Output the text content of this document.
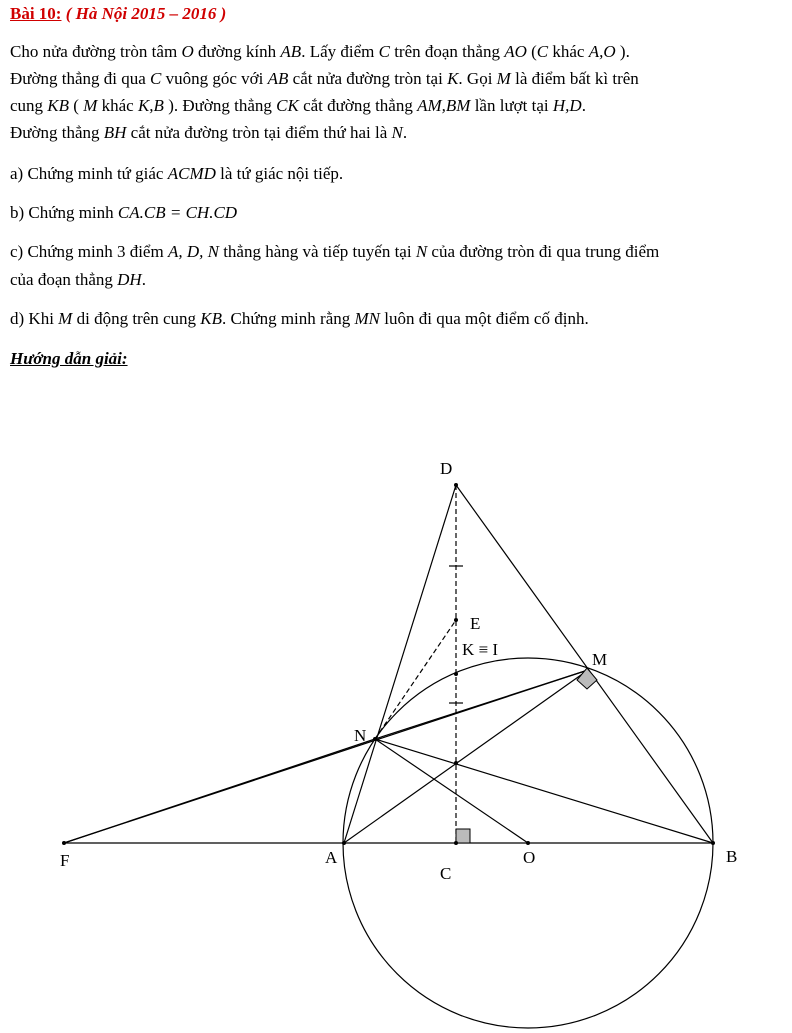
Bài 10: ( Hà Nội 2015 – 2016 )
Cho nửa đường tròn tâm O đường kính AB. Lấy điểm C trên đoạn thẳng AO (C khác A,O ).
Đường thẳng đi qua C vuông góc với AB cắt nửa đường tròn tại K. Gọi M là điểm bất kì trên
cung KB ( M khác K,B ). Đường thẳng CK cắt đường thẳng AM,BM lần lượt tại H,D.
Đường thẳng BH cắt nửa đường tròn tại điểm thứ hai là N.
a) Chứng minh tứ giác ACMD là tứ giác nội tiếp.
b) Chứng minh CA.CB = CH.CD
c) Chứng minh 3 điểm A, D, N thẳng hàng và tiếp tuyến tại N của đường tròn đi qua trung điểm
của đoạn thẳng DH.
d) Khi M di động trên cung KB. Chứng minh rằng MN luôn đi qua một điểm cố định.
Hướng dẫn giải:
D
E
K ≡ I
M
N
F	A
C
O	B
